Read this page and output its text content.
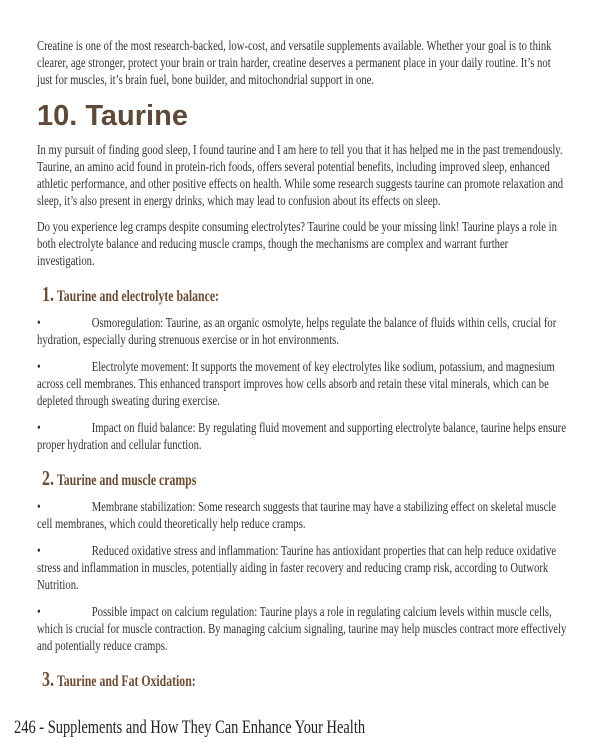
Creatine is one of the most research-backed, low-cost, and versatile supplements available. Whether your goal is to think clearer, age stronger, protect your brain or train harder, creatine deserves a permanent place in your daily routine. It’s not just for muscles, it’s brain fuel, bone builder, and mitochondrial support in one.

10. Taurine

In my pursuit of finding good sleep, I found taurine and I am here to tell you that it has helped me in the past tremendously. Taurine, an amino acid found in protein-rich foods, offers several potential benefits, including improved sleep, enhanced athletic performance, and other positive effects on health. While some research suggests taurine can promote relaxation and sleep, it’s also present in energy drinks, which may lead to confusion about its effects on sleep.

Do you experience leg cramps despite consuming electrolytes? Taurine could be your missing link! Taurine plays a role in both electrolyte balance and reducing muscle cramps, though the mechanisms are complex and warrant further investigation.

1. Taurine and electrolyte balance:

•	Osmoregulation: Taurine, as an organic osmolyte, helps regulate the balance of fluids within cells, crucial for hydration, especially during strenuous exercise or in hot environments.

•	Electrolyte movement: It supports the movement of key electrolytes like sodium, potassium, and magnesium across cell membranes. This enhanced transport improves how cells absorb and retain these vital minerals, which can be depleted through sweating during exercise.

•	Impact on fluid balance: By regulating fluid movement and supporting electrolyte balance, taurine helps ensure proper hydration and cellular function.

2. Taurine and muscle cramps

•	Membrane stabilization: Some research suggests that taurine may have a stabilizing effect on skeletal muscle cell membranes, which could theoretically help reduce cramps.

•	Reduced oxidative stress and inflammation: Taurine has antioxidant properties that can help reduce oxidative stress and inflammation in muscles, potentially aiding in faster recovery and reducing cramp risk, according to Outwork Nutrition.

•	Possible impact on calcium regulation: Taurine plays a role in regulating calcium levels within muscle cells, which is crucial for muscle contraction. By managing calcium signaling, taurine may help muscles contract more effectively and potentially reduce cramps.

3. Taurine and Fat Oxidation:
246 - Supplements and How They Can Enhance Your Health
